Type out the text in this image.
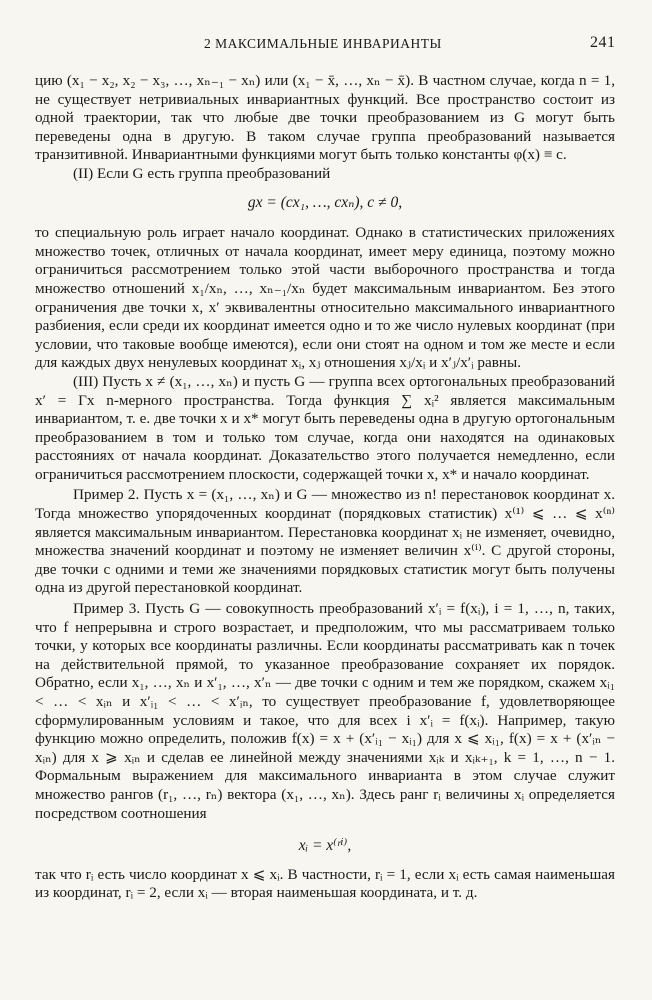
2 МАКСИМАЛЬНЫЕ ИНВАРИАНТЫ	241

цию (x₁ − x₂, x₂ − x₃, …, xₙ₋₁ − xₙ) или (x₁ − x̄, …, xₙ − x̄). В частном случае, когда n = 1, не существует нетривиальных инвариантных функций. Все пространство состоит из одной траектории, так что любые две точки преобразованием из G могут быть переведены одна в другую. В таком случае группа преобразований называется транзитивной. Инвариантными функциями могут быть только константы φ(x) ≡ c.

(II) Если G есть группа преобразований

gx = (cx₁, …, cxₙ), c ≠ 0,

то специальную роль играет начало координат. Однако в статистических приложениях множество точек, отличных от начала координат, имеет меру единица, поэтому можно ограничиться рассмотрением только этой части выборочного пространства и тогда множество отношений x₁/xₙ, …, xₙ₋₁/xₙ будет максимальным инвариантом. Без этого ограничения две точки x, x′ эквивалентны относительно максимального инвариантного разбиения, если среди их координат имеется одно и то же число нулевых координат (при условии, что таковые вообще имеются), если они стоят на одном и том же месте и если для каждых двух ненулевых координат xᵢ, xⱼ отношения xⱼ/xᵢ и x′ⱼ/x′ᵢ равны.

(III) Пусть x ≠ (x₁, …, xₙ) и пусть G — группа всех ортогональных преобразований x′ = Γx n-мерного пространства. Тогда функция ∑ xᵢ² является максимальным инвариантом, т. е. две точки x и x* могут быть переведены одна в другую ортогональным преобразованием в том и только том случае, когда они находятся на одинаковых расстояниях от начала координат. Доказательство этого получается немедленно, если ограничиться рассмотрением плоскости, содержащей точки x, x* и начало координат.

Пример 2. Пусть x = (x₁, …, xₙ) и G — множество из n! перестановок координат x. Тогда множество упорядоченных координат (порядковых статистик) x⁽¹⁾ ⩽ … ⩽ x⁽ⁿ⁾ является максимальным инвариантом. Перестановка координат xᵢ не изменяет, очевидно, множества значений координат и поэтому не изменяет величин x⁽ⁱ⁾. С другой стороны, две точки с одними и теми же значениями порядковых статистик могут быть получены одна из другой перестановкой координат.

Пример 3. Пусть G — совокупность преобразований x′ᵢ = f(xᵢ), i = 1, …, n, таких, что f непрерывна и строго возрастает, и предположим, что мы рассматриваем только точки, у которых все координаты различны. Если координаты рассматривать как n точек на действительной прямой, то указанное преобразование сохраняет их порядок. Обратно, если x₁, …, xₙ и x′₁, …, x′ₙ — две точки с одним и тем же порядком, скажем xᵢ₁ < … < xᵢₙ и x′ᵢ₁ < … < x′ᵢₙ, то существует преобразование f, удовлетворяющее сформулированным условиям и такое, что для всех i x′ᵢ = f(xᵢ). Например, такую функцию можно определить, положив f(x) = x + (x′ᵢ₁ − xᵢ₁) для x ⩽ xᵢ₁, f(x) = x + (x′ᵢₙ − xᵢₙ) для x ⩾ xᵢₙ и сделав ее линейной между значениями xᵢₖ и xᵢₖ₊₁, k = 1, …, n − 1. Формальным выражением для максимального инварианта в этом случае служит множество рангов (r₁, …, rₙ) вектора (x₁, …, xₙ). Здесь ранг rᵢ величины xᵢ определяется посредством соотношения

xᵢ = x⁽ʳⁱ⁾,

так что rᵢ есть число координат x ⩽ xᵢ. В частности, rᵢ = 1, если xᵢ есть самая наименьшая из координат, rᵢ = 2, если xᵢ — вторая наименьшая координата, и т. д.
